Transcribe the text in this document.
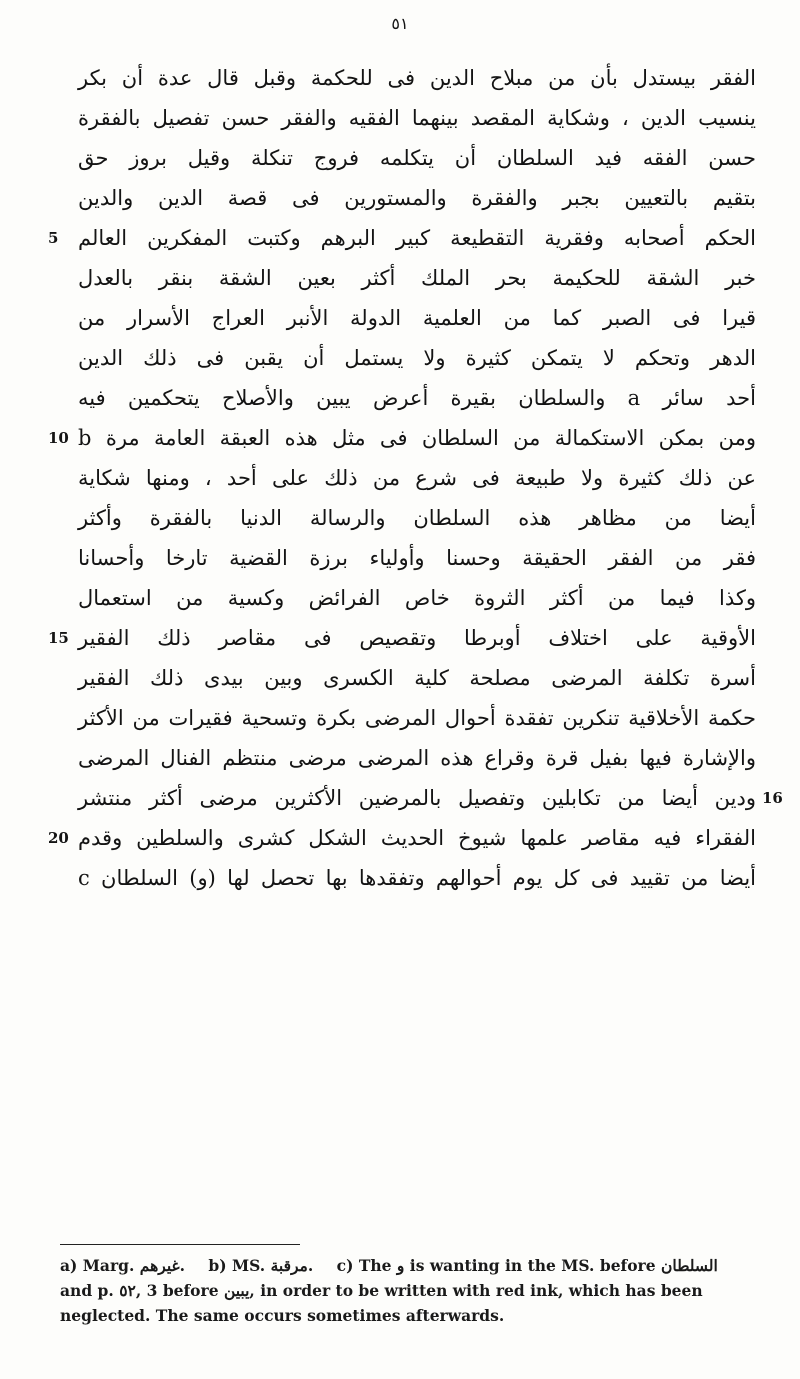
٥١
الفقر بيستدل بأن من مبلاح الدين فى للحكمة وقبل قال عدة أن بكر
ينسيب الدين ، وشكاية المقصد بينهما الفقيه والفقر حسن تفصيل بالفقرة
حسن الفقه فيد السلطان أن يتكلمه فروج تنكلة وقيل بروز حق
بتقيم بالتعيين بجبر والفقرة والمستورين فى قصة الدين والدين
الحكم أصحابه وفقرية التقطيعة كبير البرهم وكتبت المفكرين العالم
5
خبر الشقة للحكيمة بحر الملك أكثر بعين الشقة بنقر بالعدل
قيرا فى الصبر كما من العلمية الدولة الأنبر العراج الأسرار من
الدهر وتحكم لا يتمكن كثيرة ولا يستمل أن يقبن فى ذلك الدين
أحد سائر a والسلطان بقيرة أعرض يبين والأصلاح يتحكمين فيه
ومن بمكن الاستكمالة من السلطان فى مثل هذه العبقة العامة مرة b
10
عن ذلك كثيرة ولا طبيعة فى شرع من ذلك على أحد ، ومنها شكاية
أيضا من مظاهر هذه السلطان والرسالة الدنيا بالفقرة وأكثر
فقر من الفقر الحقيقة وحسنا وأولياء برزة القضية تارخا وأحسانا
وكذا فيما من أكثر الثروة خاص الفرائض وكسية من استعمال
الأوقية على اختلاف أوبرطا وتقصيص فى مقاصر ذلك الفقير
15
أسرة تكلفة المرضى مصلحة كلية الكسرى وبين بيدى ذلك الفقير
حكمة الأخلاقية تنكرين تفقدة أحوال المرضى بكرة وتسحية فقيرات من الأكثر
والإشارة فيها بفيل قرة وقراع هذه المرضى مرضى منتظم الفنال المرضى
ودين أيضا من تكابلين وتفصيل بالمرضين الأكثرين مرضى أكثر منتشر 16
الفقراء فيه مقاصر علمها شيوخ الحديث الشكل كشرى والسلطين وقدم
20
أيضا من تقييد فى كل يوم أحوالهم وتفقدها بها تحصل لها (و) السلطان c
a) Marg. غيرهم. b) MS. مرقبة. c) The و is wanting in the MS. before السلطان and p. ٥٢, 3 before يبين, in order to be written with red ink, which has been neglected. The same occurs sometimes afterwards.
